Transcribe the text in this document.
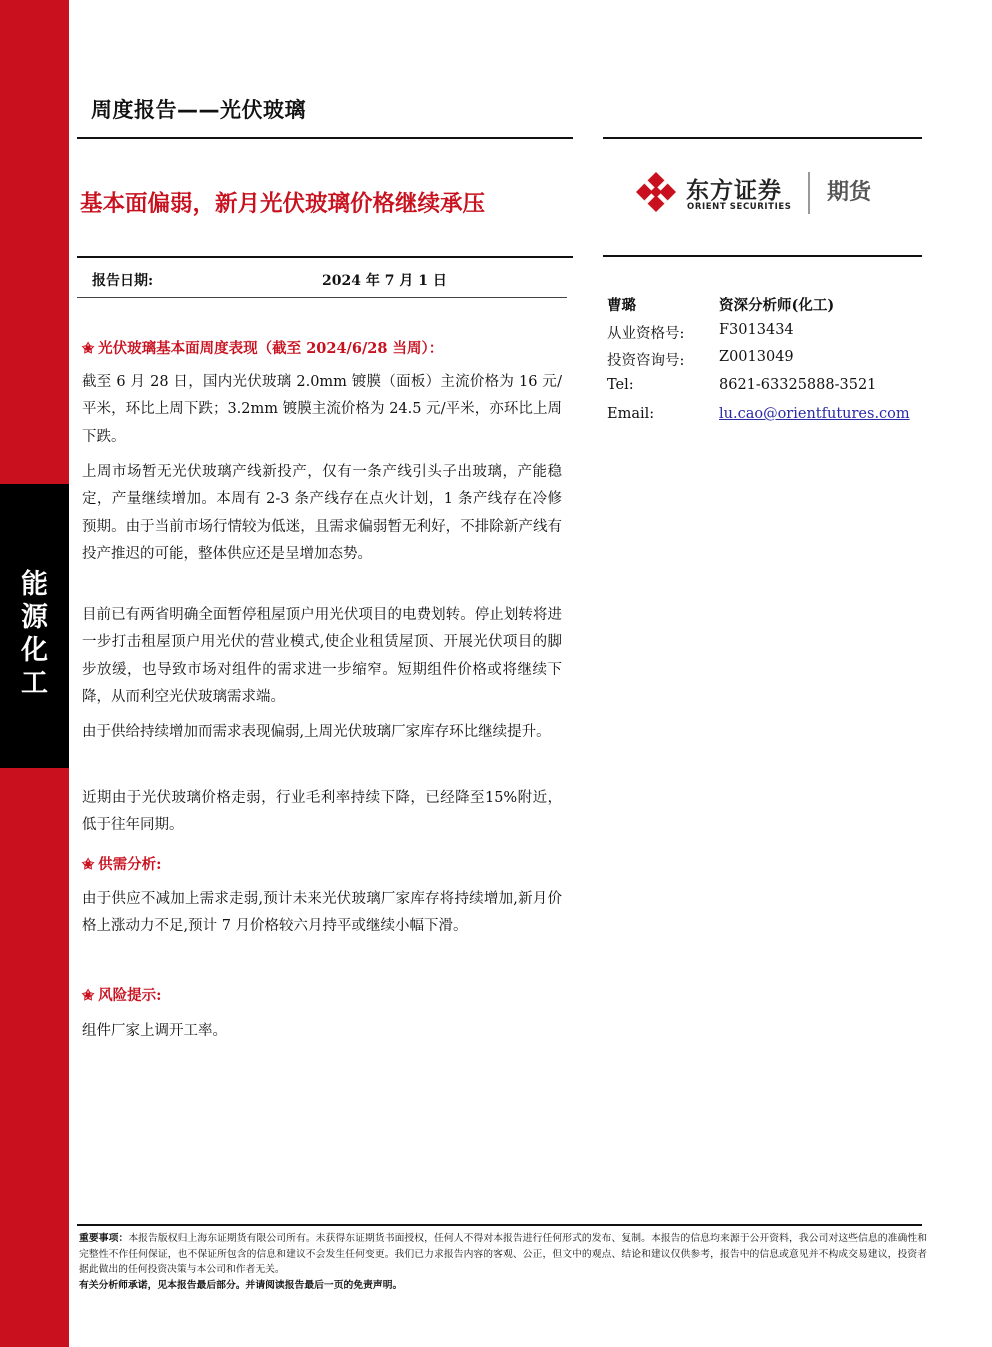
能
源
化
工
周度报告——光伏玻璃
基本面偏弱，新月光伏玻璃价格继续承压	东方证券
ORIENT SECURITIES
期货
报告日期:	2024 年 7 月 1 日
曹璐	资深分析师(化工)
从业资格号: F3013434
投资咨询号: Z0013049
Tel:	8621-63325888-3521
Email:	lu.cao@orientfutures.com
✬ 光伏玻璃基本面周度表现（截至 2024/6/28 当周）：
截至 6 月 28 日，国内光伏玻璃 2.0mm 镀膜（面板）主流价格为 16 元/平米，环比上周下跌；3.2mm 镀膜主流价格为 24.5 元/平米，亦环比上周下跌。
上周市场暂无光伏玻璃产线新投产，仅有一条产线引头子出玻璃，产能稳定，产量继续增加。本周有 2-3 条产线存在点火计划，1 条产线存在冷修预期。由于当前市场行情较为低迷，且需求偏弱暂无利好，不排除新产线有投产推迟的可能，整体供应还是呈增加态势。
目前已有两省明确全面暂停租屋顶户用光伏项目的电费划转。停止划转将进一步打击租屋顶户用光伏的营业模式,使企业租赁屋顶、开展光伏项目的脚步放缓，也导致市场对组件的需求进一步缩窄。短期组件价格或将继续下降，从而利空光伏玻璃需求端。
由于供给持续增加而需求表现偏弱,上周光伏玻璃厂家库存环比继续提升。
近期由于光伏玻璃价格走弱，行业毛利率持续下降，已经降至15%附近，低于往年同期。
✬ 供需分析:
由于供应不减加上需求走弱,预计未来光伏玻璃厂家库存将持续增加,新月价格上涨动力不足,预计 7 月价格较六月持平或继续小幅下滑。
✬ 风险提示:
组件厂家上调开工率。
重要事项：本报告版权归上海东证期货有限公司所有。未获得东证期货书面授权，任何人不得对本报告进行任何形式的发布、复制。本报告的信息均来源于公开资料，我公司对这些信息的准确性和完整性不作任何保证，也不保证所包含的信息和建议不会发生任何变更。我们已力求报告内容的客观、公正，但文中的观点、结论和建议仅供参考，报告中的信息或意见并不构成交易建议，投资者据此做出的任何投资决策与本公司和作者无关。
有关分析师承诺，见本报告最后部分。并请阅读报告最后一页的免责声明。
